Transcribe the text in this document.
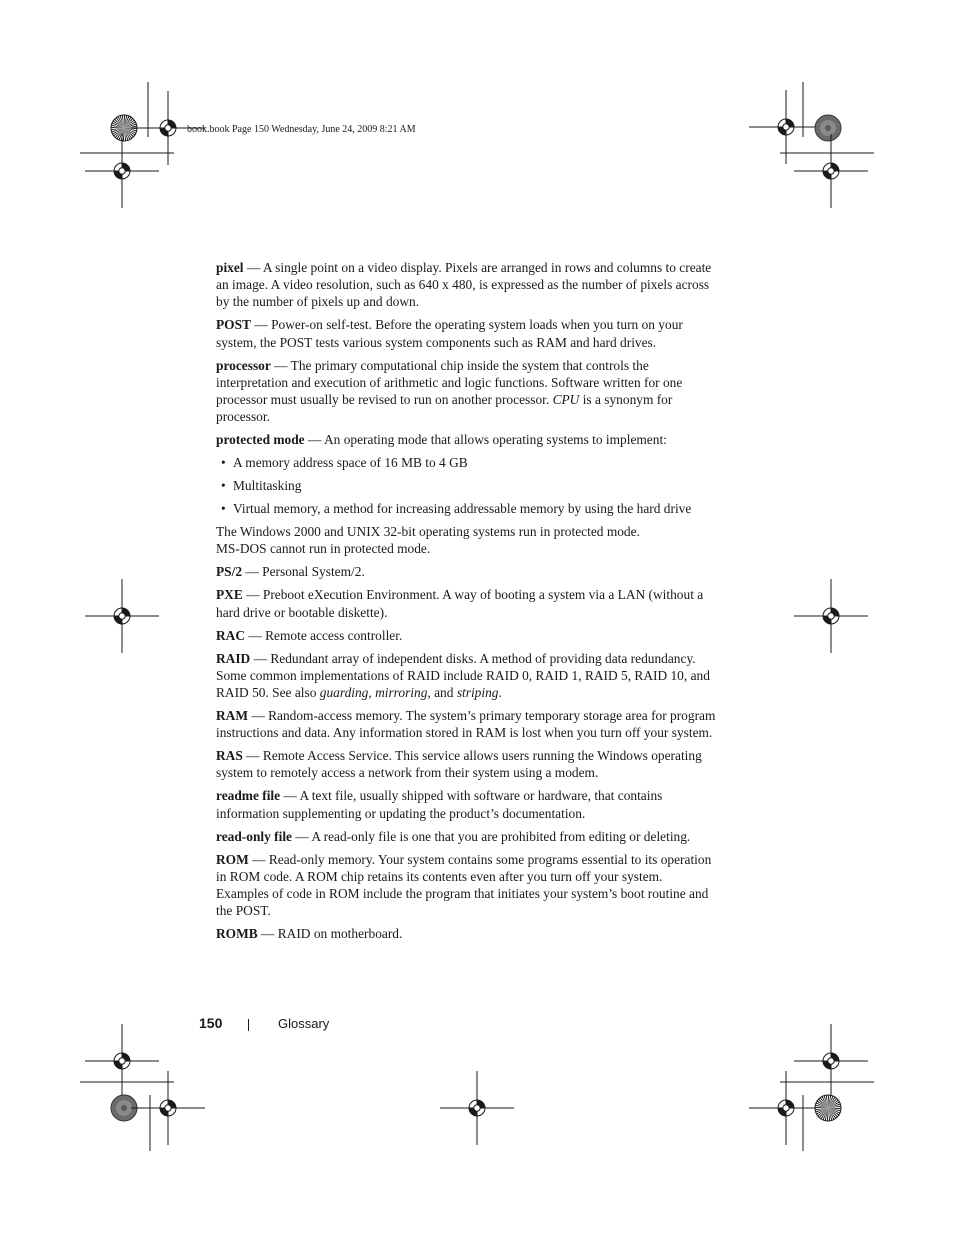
book.book Page 150 Wednesday, June 24, 2009 8:21 AM

pixel — A single point on a video display. Pixels are arranged in rows and columns to create an image. A video resolution, such as 640 x 480, is expressed as the number of pixels across by the number of pixels up and down.

POST — Power-on self-test. Before the operating system loads when you turn on your system, the POST tests various system components such as RAM and hard drives.

processor — The primary computational chip inside the system that controls the interpretation and execution of arithmetic and logic functions. Software written for one processor must usually be revised to run on another processor. CPU is a synonym for processor.

protected mode — An operating mode that allows operating systems to implement:

• A memory address space of 16 MB to 4 GB
• Multitasking
• Virtual memory, a method for increasing addressable memory by using the hard drive

The Windows 2000 and UNIX 32-bit operating systems run in protected mode.
MS-DOS cannot run in protected mode.

PS/2 — Personal System/2.

PXE — Preboot eXecution Environment. A way of booting a system via a LAN (without a hard drive or bootable diskette).

RAC — Remote access controller.

RAID — Redundant array of independent disks. A method of providing data redundancy. Some common implementations of RAID include RAID 0, RAID 1, RAID 5, RAID 10, and RAID 50. See also guarding, mirroring, and striping.

RAM — Random-access memory. The system’s primary temporary storage area for program instructions and data. Any information stored in RAM is lost when you turn off your system.

RAS — Remote Access Service. This service allows users running the Windows operating system to remotely access a network from their system using a modem.

readme file — A text file, usually shipped with software or hardware, that contains information supplementing or updating the product’s documentation.

read-only file — A read-only file is one that you are prohibited from editing or deleting.

ROM — Read-only memory. Your system contains some programs essential to its operation in ROM code. A ROM chip retains its contents even after you turn off your system. Examples of code in ROM include the program that initiates your system’s boot routine and the POST.

ROMB — RAID on motherboard.

150	Glossary
